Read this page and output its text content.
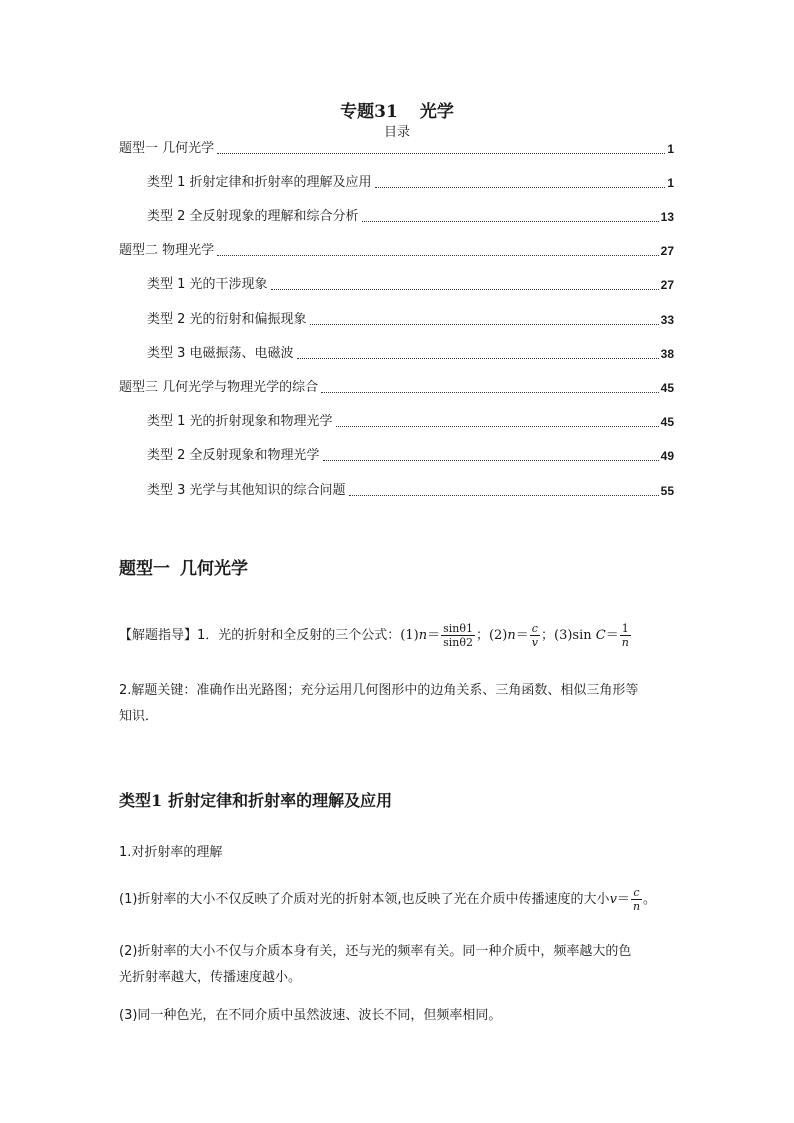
专题31 光学
目录
题型一 几何光学	1
类型 1 折射定律和折射率的理解及应用	1
类型 2 全反射现象的理解和综合分析	13
题型二 物理光学	27
类型 1 光的干涉现象	27
类型 2 光的衍射和偏振现象	33
类型 3 电磁振荡、电磁波	38
题型三 几何光学与物理光学的综合	45
类型 1 光的折射现象和物理光学	45
类型 2 全反射现象和物理光学	49
类型 3 光学与其他知识的综合问题	55
题型一 几何光学
【解题指导】1．光的折射和全反射的三个公式：$(1)n= \frac{\sin\theta 1}{\sin\theta 2}$ ；$(2)n= \frac{c}{v}$ ；(3)sin $C= \frac{1}{n}$
2.解题关键：准确作出光路图；充分运用几何图形中的边角关系、三角函数、相似三角形等
知识．
类型1 折射定律和折射率的理解及应用
1.对折射率的理解
(1)折射率的大小不仅反映了介质对光的折射本领,也反映了光在介质中传播速度的大小$v= \frac{c}{n}$ 。
(2)折射率的大小不仅与介质本身有关，还与光的频率有关。同一种介质中，频率越大的色
光折射率越大，传播速度越小。
(3)同一种色光，在不同介质中虽然波速、波长不同，但频率相同。
